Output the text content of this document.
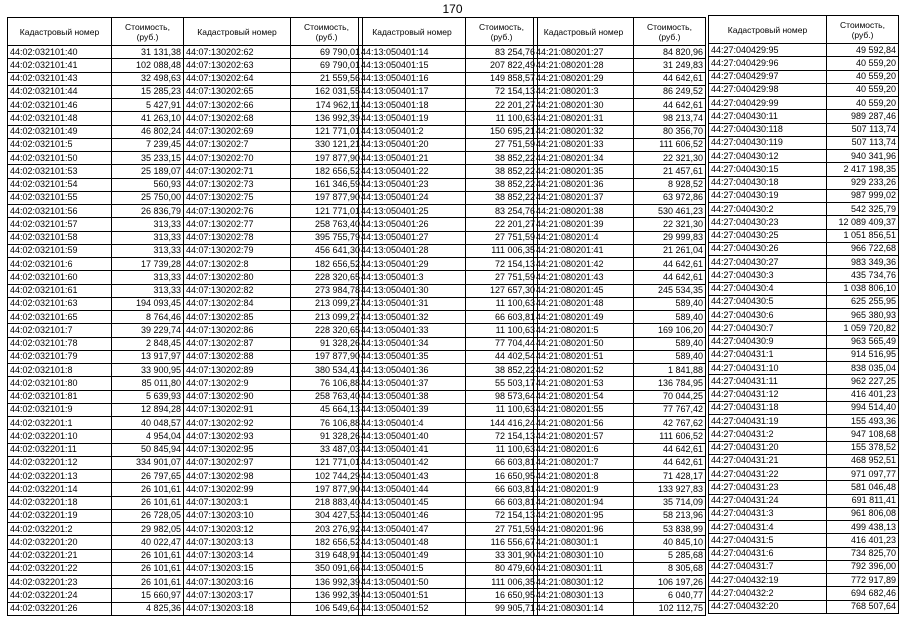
170
Кадастровый номер	Стоимость, (руб.)
44:02:032101:40	31 131,38
44:02:032101:41	102 088,48
44:02:032101:43	32 498,63
44:02:032101:44	15 285,23
44:02:032101:46	5 427,91
44:02:032101:48	41 263,10
44:02:032101:49	46 802,24
44:02:032101:5	7 239,45
44:02:032101:50	35 233,15
44:02:032101:53	25 189,07
44:02:032101:54	560,93
44:02:032101:55	25 750,00
44:02:032101:56	26 836,79
44:02:032101:57	313,33
44:02:032101:58	313,33
44:02:032101:59	313,33
44:02:032101:6	17 739,28
44:02:032101:60	313,33
44:02:032101:61	313,33
44:02:032101:63	194 093,45
44:02:032101:65	8 764,46
44:02:032101:7	39 229,74
44:02:032101:78	2 848,45
44:02:032101:79	13 917,97
44:02:032101:8	33 900,95
44:02:032101:80	85 011,80
44:02:032101:81	5 639,93
44:02:032101:9	12 894,28
44:02:032201:1	40 048,57
44:02:032201:10	4 954,04
44:02:032201:11	50 845,94
44:02:032201:12	334 901,07
44:02:032201:13	26 797,65
44:02:032201:14	26 101,61
44:02:032201:18	26 101,61
44:02:032201:19	26 728,05
44:02:032201:2	29 982,05
44:02:032201:20	40 022,47
44:02:032201:21	26 101,61
44:02:032201:22	26 101,61
44:02:032201:23	26 101,61
44:02:032201:24	15 660,97
44:02:032201:26	4 825,36
Кадастровый номер	Стоимость, (руб.)
44:07:130202:62	69 790,01
44:07:130202:63	69 790,01
44:07:130202:64	21 559,56
44:07:130202:65	162 031,55
44:07:130202:66	174 962,11
44:07:130202:68	136 992,39
44:07:130202:69	121 771,01
44:07:130202:7	330 121,21
44:07:130202:70	197 877,90
44:07:130202:71	182 656,52
44:07:130202:73	161 346,59
44:07:130202:75	197 877,90
44:07:130202:76	121 771,01
44:07:130202:77	258 763,40
44:07:130202:78	395 755,79
44:07:130202:79	456 641,30
44:07:130202:8	182 656,52
44:07:130202:80	228 320,65
44:07:130202:82	273 984,78
44:07:130202:84	213 099,27
44:07:130202:85	213 099,27
44:07:130202:86	228 320,65
44:07:130202:87	91 328,26
44:07:130202:88	197 877,90
44:07:130202:89	380 534,41
44:07:130202:9	76 106,88
44:07:130202:90	258 763,40
44:07:130202:91	45 664,13
44:07:130202:92	76 106,88
44:07:130202:93	91 328,26
44:07:130202:95	33 487,03
44:07:130202:97	121 771,01
44:07:130202:98	102 744,29
44:07:130202:99	197 877,90
44:07:130203:1	218 883,40
44:07:130203:10	304 427,53
44:07:130203:12	203 276,92
44:07:130203:13	182 656,52
44:07:130203:14	319 648,91
44:07:130203:15	350 091,66
44:07:130203:16	136 992,39
44:07:130203:17	136 992,39
44:07:130203:18	106 549,64
Кадастровый номер	Стоимость, (руб.)
44:13:050401:14	83 254,76
44:13:050401:15	207 822,49
44:13:050401:16	149 858,57
44:13:050401:17	72 154,13
44:13:050401:18	22 201,27
44:13:050401:19	11 100,63
44:13:050401:2	150 695,21
44:13:050401:20	27 751,59
44:13:050401:21	38 852,22
44:13:050401:22	38 852,22
44:13:050401:23	38 852,22
44:13:050401:24	38 852,22
44:13:050401:25	83 254,76
44:13:050401:26	22 201,27
44:13:050401:27	27 751,59
44:13:050401:28	111 006,35
44:13:050401:29	72 154,13
44:13:050401:3	27 751,59
44:13:050401:30	127 657,30
44:13:050401:31	11 100,63
44:13:050401:32	66 603,81
44:13:050401:33	11 100,63
44:13:050401:34	77 704,44
44:13:050401:35	44 402,54
44:13:050401:36	38 852,22
44:13:050401:37	55 503,17
44:13:050401:38	98 573,64
44:13:050401:39	11 100,63
44:13:050401:4	144 416,24
44:13:050401:40	72 154,13
44:13:050401:41	11 100,63
44:13:050401:42	66 603,81
44:13:050401:43	16 650,95
44:13:050401:44	66 603,81
44:13:050401:45	66 603,81
44:13:050401:46	72 154,13
44:13:050401:47	27 751,59
44:13:050401:48	116 556,67
44:13:050401:49	33 301,90
44:13:050401:5	80 479,60
44:13:050401:50	111 006,35
44:13:050401:51	16 650,95
44:13:050401:52	99 905,71
Кадастровый номер	Стоимость, (руб.)
44:21:080201:27	84 820,96
44:21:080201:28	31 249,83
44:21:080201:29	44 642,61
44:21:080201:3	86 249,52
44:21:080201:30	44 642,61
44:21:080201:31	98 213,74
44:21:080201:32	80 356,70
44:21:080201:33	111 606,52
44:21:080201:34	22 321,30
44:21:080201:35	21 457,61
44:21:080201:36	8 928,52
44:21:080201:37	63 972,86
44:21:080201:38	530 461,23
44:21:080201:39	22 321,30
44:21:080201:4	29 999,83
44:21:080201:41	21 261,04
44:21:080201:42	44 642,61
44:21:080201:43	44 642,61
44:21:080201:45	245 534,35
44:21:080201:48	589,40
44:21:080201:49	589,40
44:21:080201:5	169 106,20
44:21:080201:50	589,40
44:21:080201:51	589,40
44:21:080201:52	1 841,88
44:21:080201:53	136 784,95
44:21:080201:54	70 044,25
44:21:080201:55	77 767,42
44:21:080201:56	42 767,62
44:21:080201:57	111 606,52
44:21:080201:6	44 642,61
44:21:080201:7	44 642,61
44:21:080201:8	71 428,17
44:21:080201:9	133 927,83
44:21:080201:94	35 714,09
44:21:080201:95	58 213,96
44:21:080201:96	53 838,99
44:21:080301:1	40 845,10
44:21:080301:10	5 285,68
44:21:080301:11	8 305,68
44:21:080301:12	106 197,26
44:21:080301:13	6 040,77
44:21:080301:14	102 112,75
Кадастровый номер	Стоимость, (руб.)
44:27:040429:95	49 592,84
44:27:040429:96	40 559,20
44:27:040429:97	40 559,20
44:27:040429:98	40 559,20
44:27:040429:99	40 559,20
44:27:040430:11	989 287,46
44:27:040430:118	507 113,74
44:27:040430:119	507 113,74
44:27:040430:12	940 341,96
44:27:040430:15	2 417 198,35
44:27:040430:18	929 233,26
44:27:040430:19	987 999,02
44:27:040430:2	542 325,79
44:27:040430:23	12 089 409,37
44:27:040430:25	1 051 856,51
44:27:040430:26	966 722,68
44:27:040430:27	983 349,36
44:27:040430:3	435 734,76
44:27:040430:4	1 038 806,10
44:27:040430:5	625 255,95
44:27:040430:6	965 380,93
44:27:040430:7	1 059 720,82
44:27:040430:9	963 565,49
44:27:040431:1	914 516,95
44:27:040431:10	838 035,04
44:27:040431:11	962 227,25
44:27:040431:12	416 401,23
44:27:040431:18	994 514,40
44:27:040431:19	155 493,36
44:27:040431:2	947 108,68
44:27:040431:20	155 378,52
44:27:040431:21	468 952,51
44:27:040431:22	971 097,77
44:27:040431:23	581 046,48
44:27:040431:24	691 811,41
44:27:040431:3	961 806,08
44:27:040431:4	499 438,13
44:27:040431:5	416 401,23
44:27:040431:6	734 825,70
44:27:040431:7	792 396,00
44:27:040432:19	772 917,89
44:27:040432:2	694 682,46
44:27:040432:20	768 507,64
